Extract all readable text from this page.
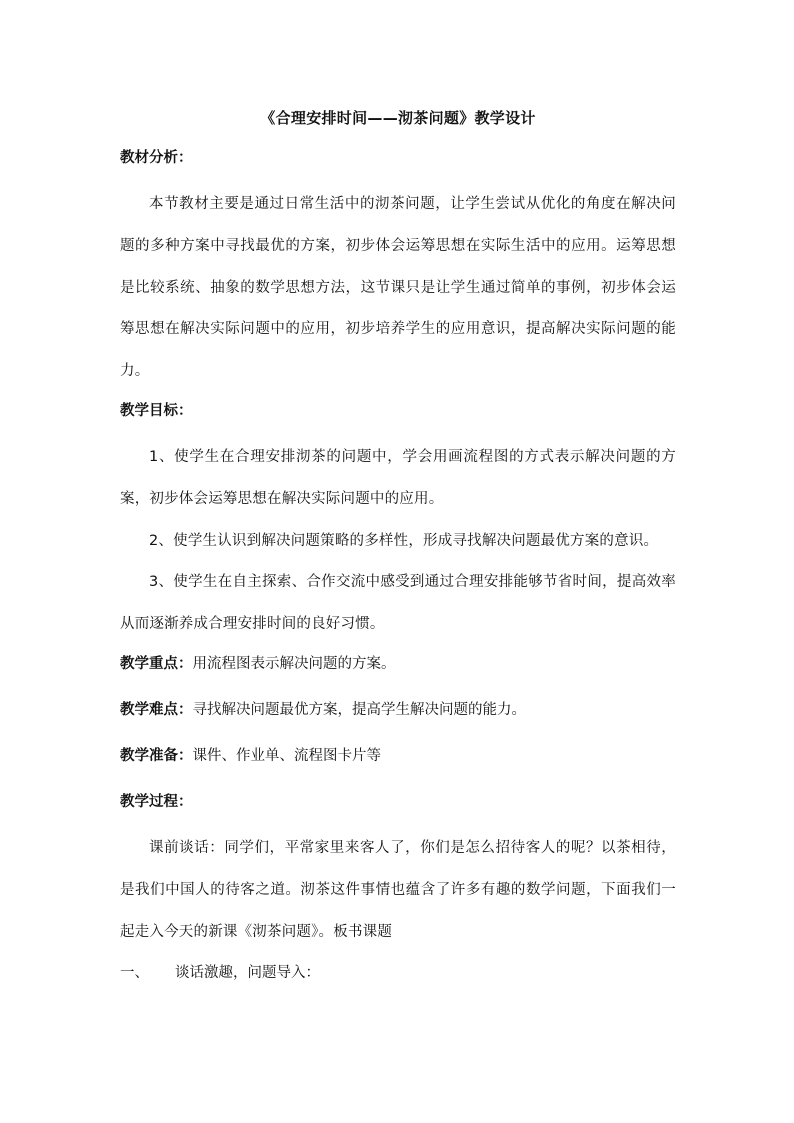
《合理安排时间——沏茶问题》教学设计
教材分析：

本节教材主要是通过日常生活中的沏茶问题，让学生尝试从优化的角度在解决问题的多种方案中寻找最优的方案，初步体会运筹思想在实际生活中的应用。运筹思想是比较系统、抽象的数学思想方法，这节课只是让学生通过简单的事例，初步体会运筹思想在解决实际问题中的应用，初步培养学生的应用意识，提高解决实际问题的能力。

教学目标：

1、使学生在合理安排沏茶的问题中，学会用画流程图的方式表示解决问题的方案，初步体会运筹思想在解决实际问题中的应用。

2、使学生认识到解决问题策略的多样性，形成寻找解决问题最优方案的意识。

3、使学生在自主探索、合作交流中感受到通过合理安排能够节省时间，提高效率从而逐渐养成合理安排时间的良好习惯。

教学重点：用流程图表示解决问题的方案。
教学难点：寻找解决问题最优方案，提高学生解决问题的能力。
教学准备：课件、作业单、流程图卡片等
教学过程：

课前谈话：同学们，平常家里来客人了，你们是怎么招待客人的呢？以茶相待，是我们中国人的待客之道。沏茶这件事情也蕴含了许多有趣的数学问题，下面我们一起走入今天的新课《沏茶问题》。板书课题

一、 谈话激趣，问题导入：
